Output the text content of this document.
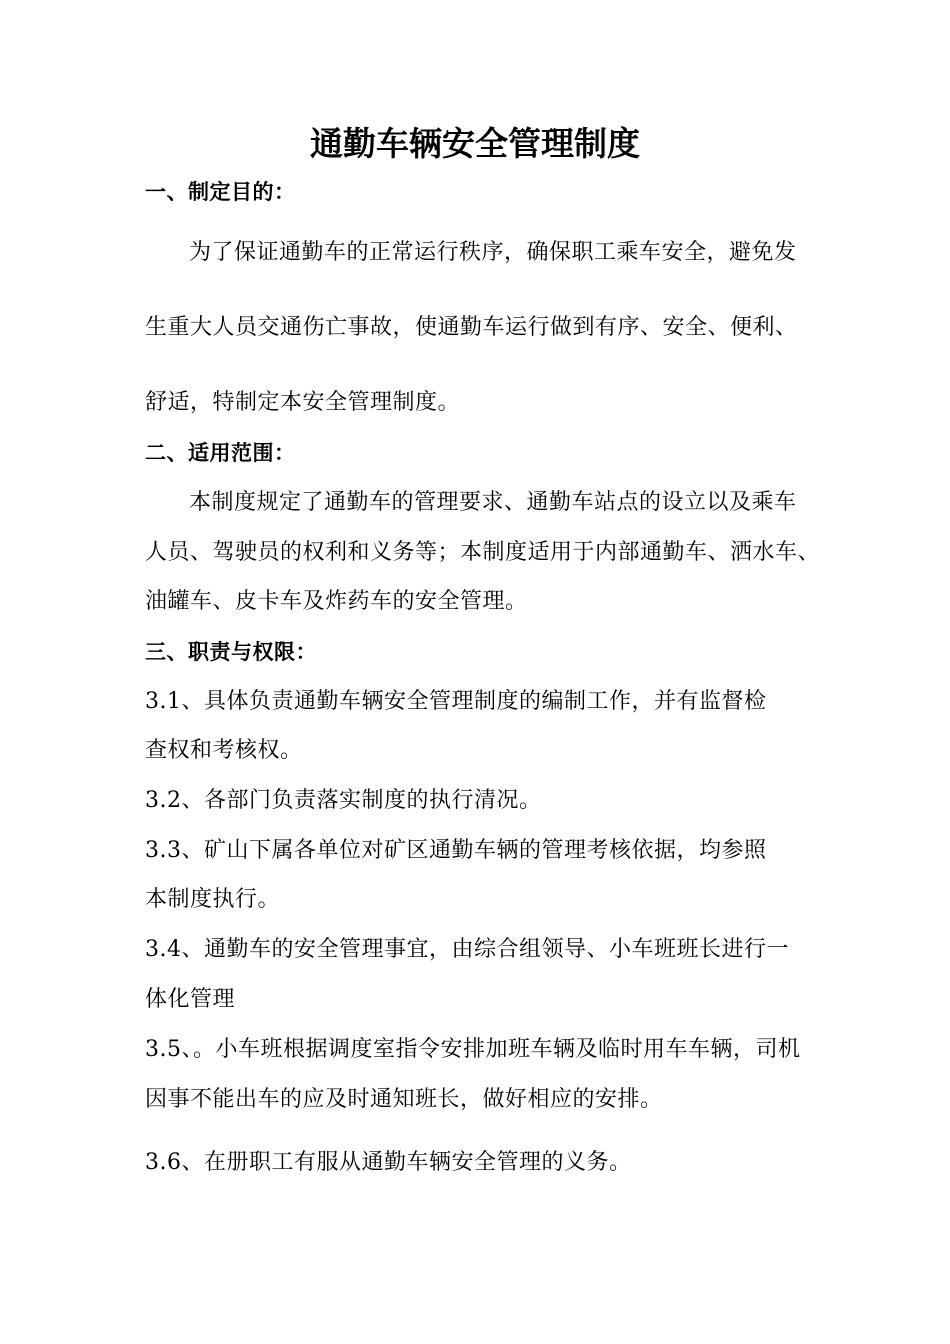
通勤车辆安全管理制度
一、制定目的：
为了保证通勤车的正常运行秩序，确保职工乘车安全，避免发
生重大人员交通伤亡事故，使通勤车运行做到有序、安全、便利、
舒适，特制定本安全管理制度。
二、适用范围：
本制度规定了通勤车的管理要求、通勤车站点的设立以及乘车
人员、驾驶员的权利和义务等；本制度适用于内部通勤车、洒水车、
油罐车、皮卡车及炸药车的安全管理。
三、职责与权限：
3.1、具体负责通勤车辆安全管理制度的编制工作，并有监督检
查权和考核权。
3.2、各部门负责落实制度的执行清况。
3.3、矿山下属各单位对矿区通勤车辆的管理考核依据，均参照
本制度执行。
3.4、通勤车的安全管理事宜，由综合组领导、小车班班长进行一
体化管理
3.5、。小车班根据调度室指令安排加班车辆及临时用车车辆，司机
因事不能出车的应及时通知班长，做好相应的安排。
3.6、在册职工有服从通勤车辆安全管理的义务。
